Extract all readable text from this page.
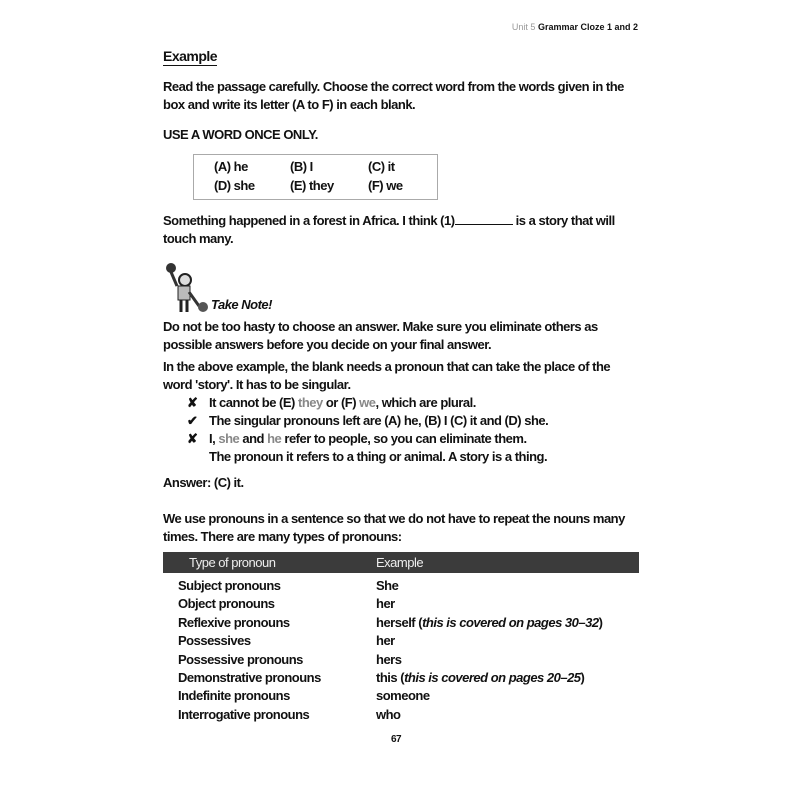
Unit 5 Grammar Cloze 1 and 2
Example

Read the passage carefully. Choose the correct word from the words given in the box and write its letter (A to F) in each blank.

USE A WORD ONCE ONLY.

(A) he	(B) I	(C) it
(D) she	(E) they	(F) we

Something happened in a forest in Africa. I think (1)	is a story that will touch many.

Take Note!

Do not be too hasty to choose an answer. Make sure you eliminate others as possible answers before you decide on your final answer.

In the above example, the blank needs a pronoun that can take the place of the word 'story'. It has to be singular.

✘ It cannot be (E) they or (F) we, which are plural.
✔ The singular pronouns left are (A) he, (B) I (C) it and (D) she.
✘ I, she and he refer to people, so you can eliminate them.
The pronoun it refers to a thing or animal. A story is a thing.

Answer: (C) it.

We use pronouns in a sentence so that we do not have to repeat the nouns many times. There are many types of pronouns:

Type of pronoun	Example
Subject pronouns	She
Object pronouns	her
Reflexive pronouns	herself (this is covered on pages 30–32)
Possessives	her
Possessive pronouns	hers
Demonstrative pronouns	this (this is covered on pages 20–25)
Indefinite pronouns	someone
Interrogative pronouns	who
67
